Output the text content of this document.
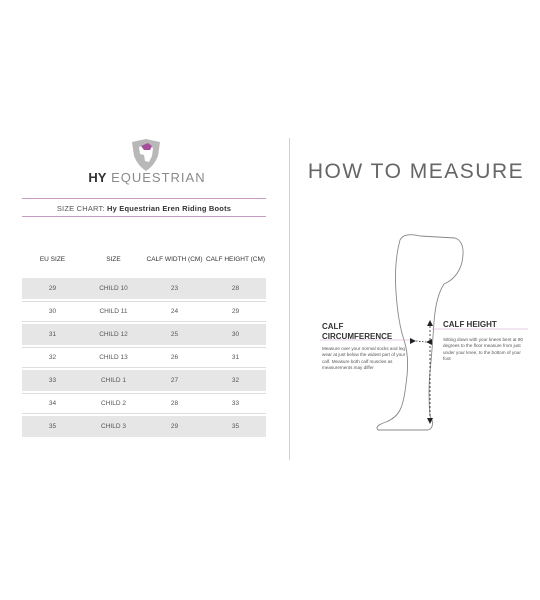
HY EQUESTRIAN
SIZE CHART: Hy Equestrian Eren Riding Boots
EU SIZE	SIZE	CALF WIDTH (CM) CALF HEIGHT (CM)
29	CHILD 10	23	28
30	CHILD 11	24	29
31	CHILD 12	25	30
32	CHILD 13	26	31
33	CHILD 1	27	32
34	CHILD 2	28	33
35	CHILD 3	29	35
HOW TO MEASURE
CALF CIRCUMFERENCE
Measure over your normal socks and leg wear at just below the widest part of your calf. Measure both calf muscles as measurements may differ
CALF HEIGHT
Sitting down with your knees bent at 90 degrees to the floor measure from just under your knee, to the bottom of your foot
